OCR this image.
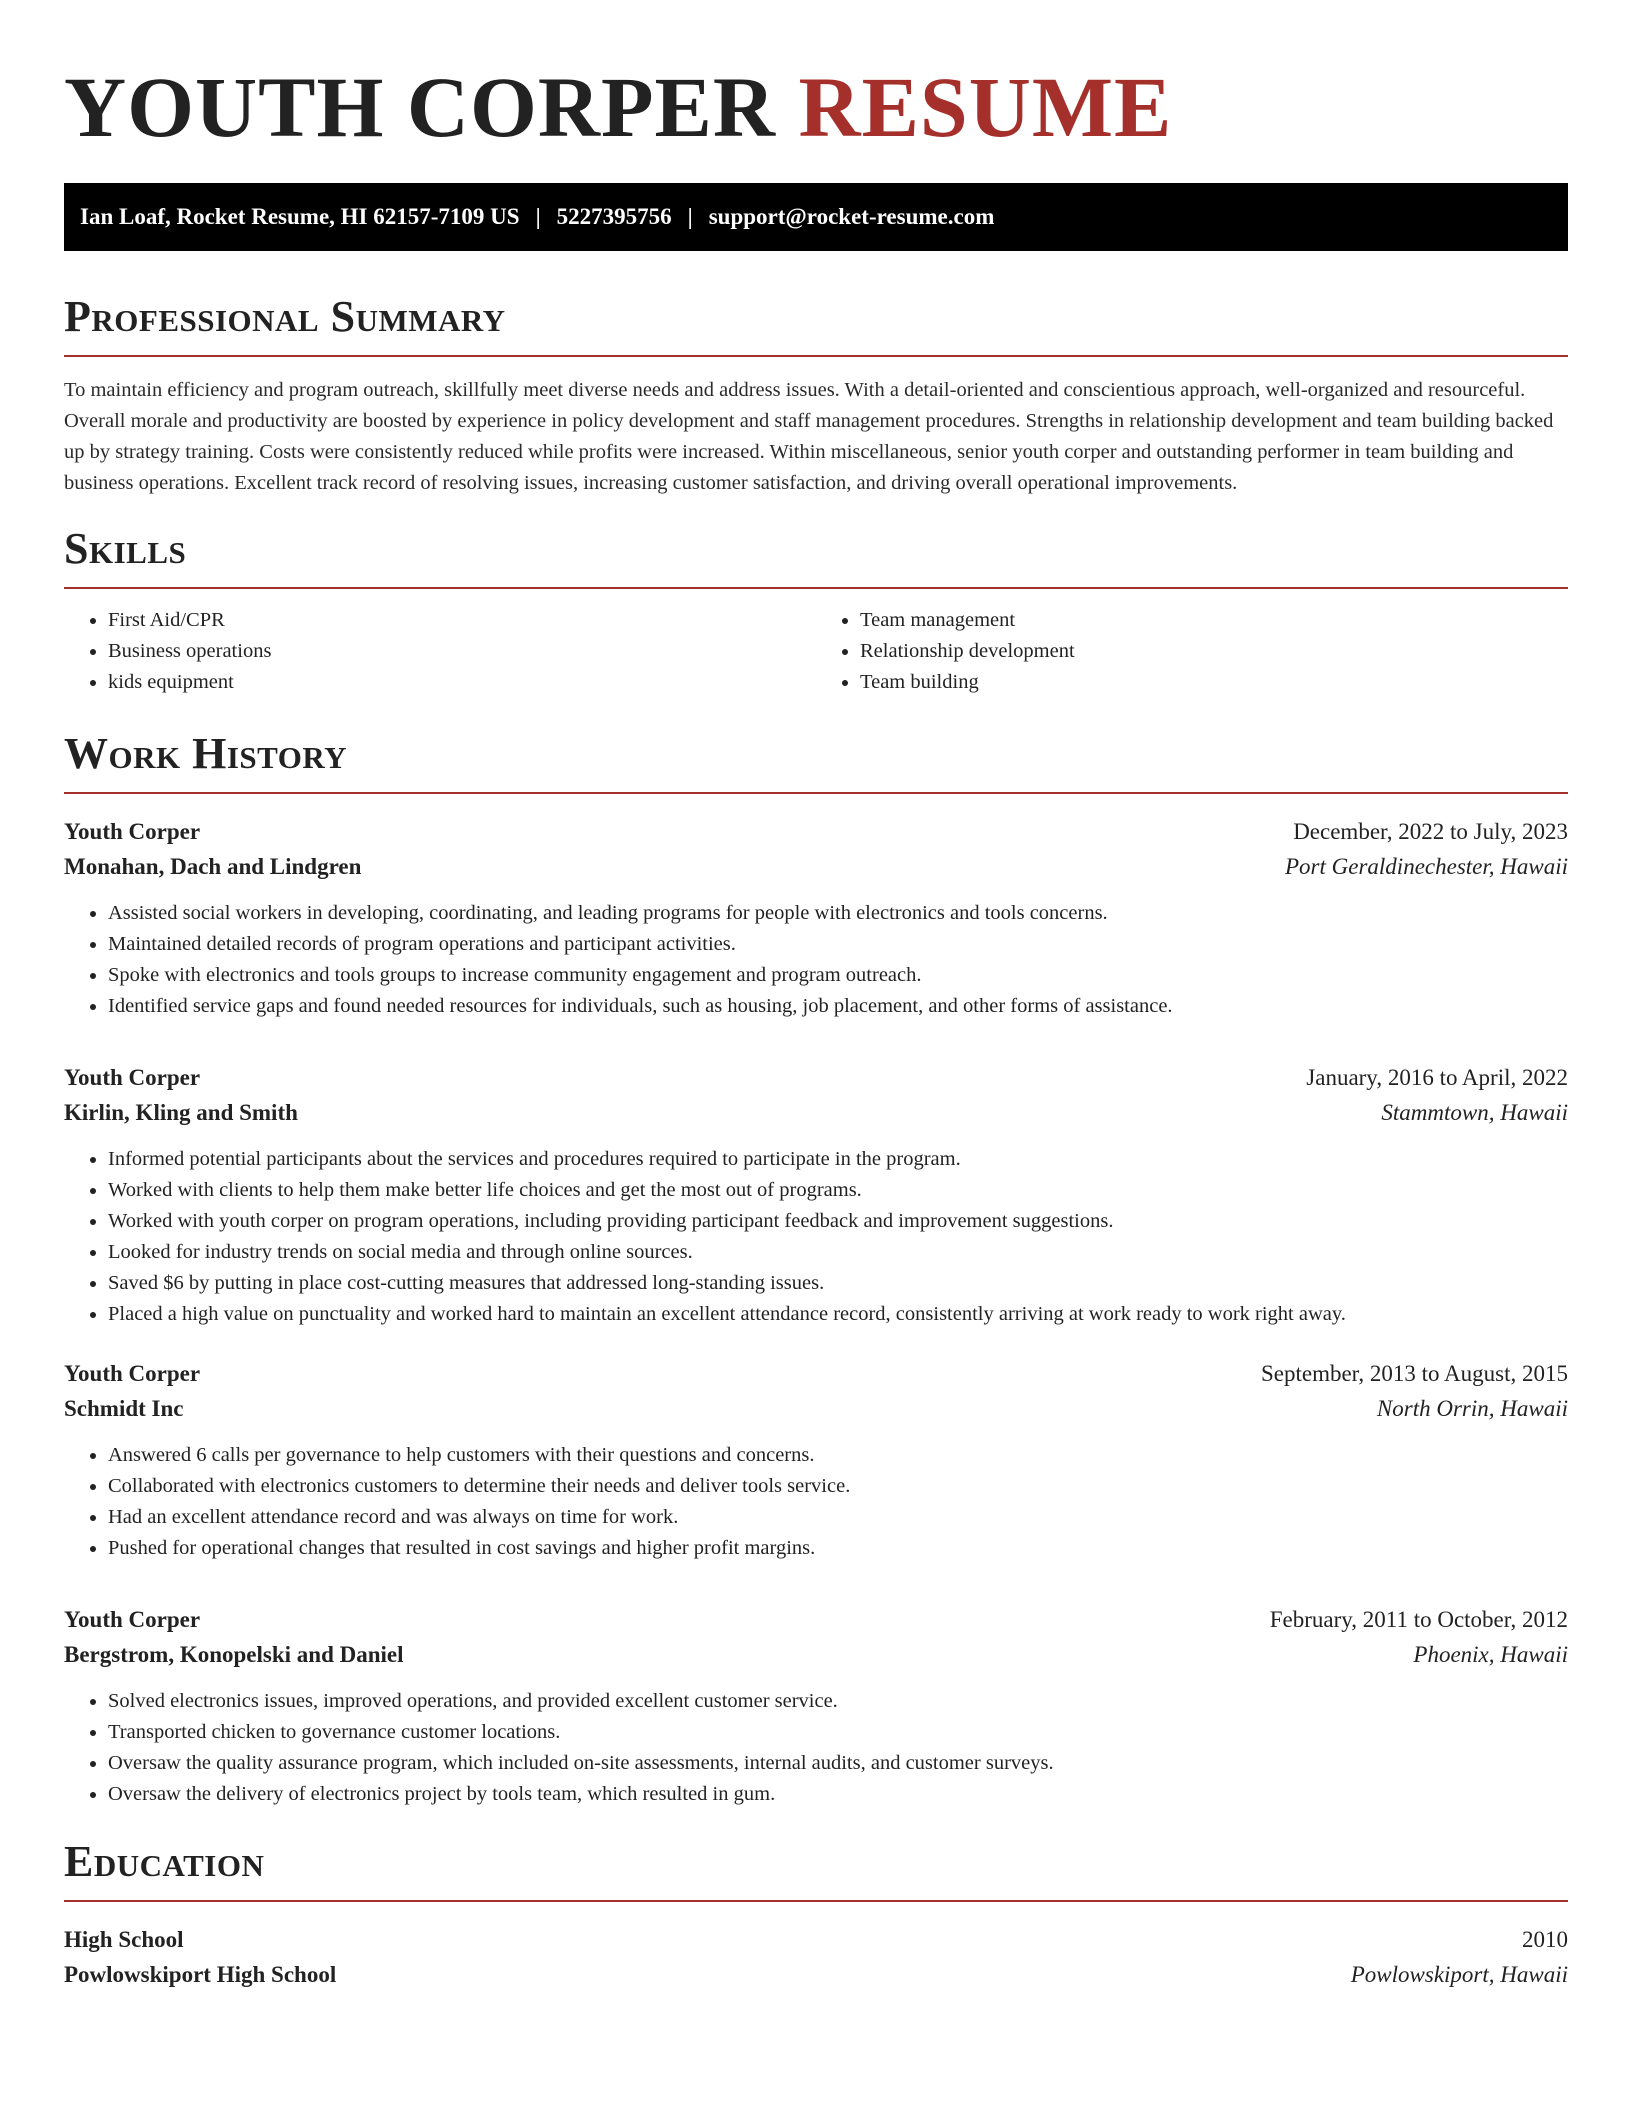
YOUTH CORPER RESUME
Ian Loaf, Rocket Resume, HI 62157-7109 US | 5227395756 | support@rocket-resume.com
Professional Summary

To maintain efficiency and program outreach, skillfully meet diverse needs and address issues. With a detail-oriented and conscientious approach, well-organized and resourceful. Overall morale and productivity are boosted by experience in policy development and staff management procedures. Strengths in relationship development and team building backed up by strategy training. Costs were consistently reduced while profits were increased. Within miscellaneous, senior youth corper and outstanding performer in team building and business operations. Excellent track record of resolving issues, increasing customer satisfaction, and driving overall operational improvements.

Skills
• First Aid/CPR
• Business operations
• kids equipment
• Team management
• Relationship development
• Team building
Work History
Youth Corper	December, 2022 to July, 2023
Monahan, Dach and Lindgren	Port Geraldinechester, Hawaii
• Assisted social workers in developing, coordinating, and leading programs for people with electronics and tools concerns.
• Maintained detailed records of program operations and participant activities.
• Spoke with electronics and tools groups to increase community engagement and program outreach.
• Identified service gaps and found needed resources for individuals, such as housing, job placement, and other forms of assistance.
Youth Corper	January, 2016 to April, 2022
Kirlin, Kling and Smith	Stammtown, Hawaii
• Informed potential participants about the services and procedures required to participate in the program.
• Worked with clients to help them make better life choices and get the most out of programs.
• Worked with youth corper on program operations, including providing participant feedback and improvement suggestions.
• Looked for industry trends on social media and through online sources.
• Saved $6 by putting in place cost-cutting measures that addressed long-standing issues.
• Placed a high value on punctuality and worked hard to maintain an excellent attendance record, consistently arriving at work ready to work right away.
Youth Corper	September, 2013 to August, 2015
Schmidt Inc	North Orrin, Hawaii
• Answered 6 calls per governance to help customers with their questions and concerns.
• Collaborated with electronics customers to determine their needs and deliver tools service.
• Had an excellent attendance record and was always on time for work.
• Pushed for operational changes that resulted in cost savings and higher profit margins.
Youth Corper	February, 2011 to October, 2012
Bergstrom, Konopelski and Daniel	Phoenix, Hawaii
• Solved electronics issues, improved operations, and provided excellent customer service.
• Transported chicken to governance customer locations.
• Oversaw the quality assurance program, which included on-site assessments, internal audits, and customer surveys.
• Oversaw the delivery of electronics project by tools team, which resulted in gum.
Education
High School	2010
Powlowskiport High School	Powlowskiport, Hawaii
